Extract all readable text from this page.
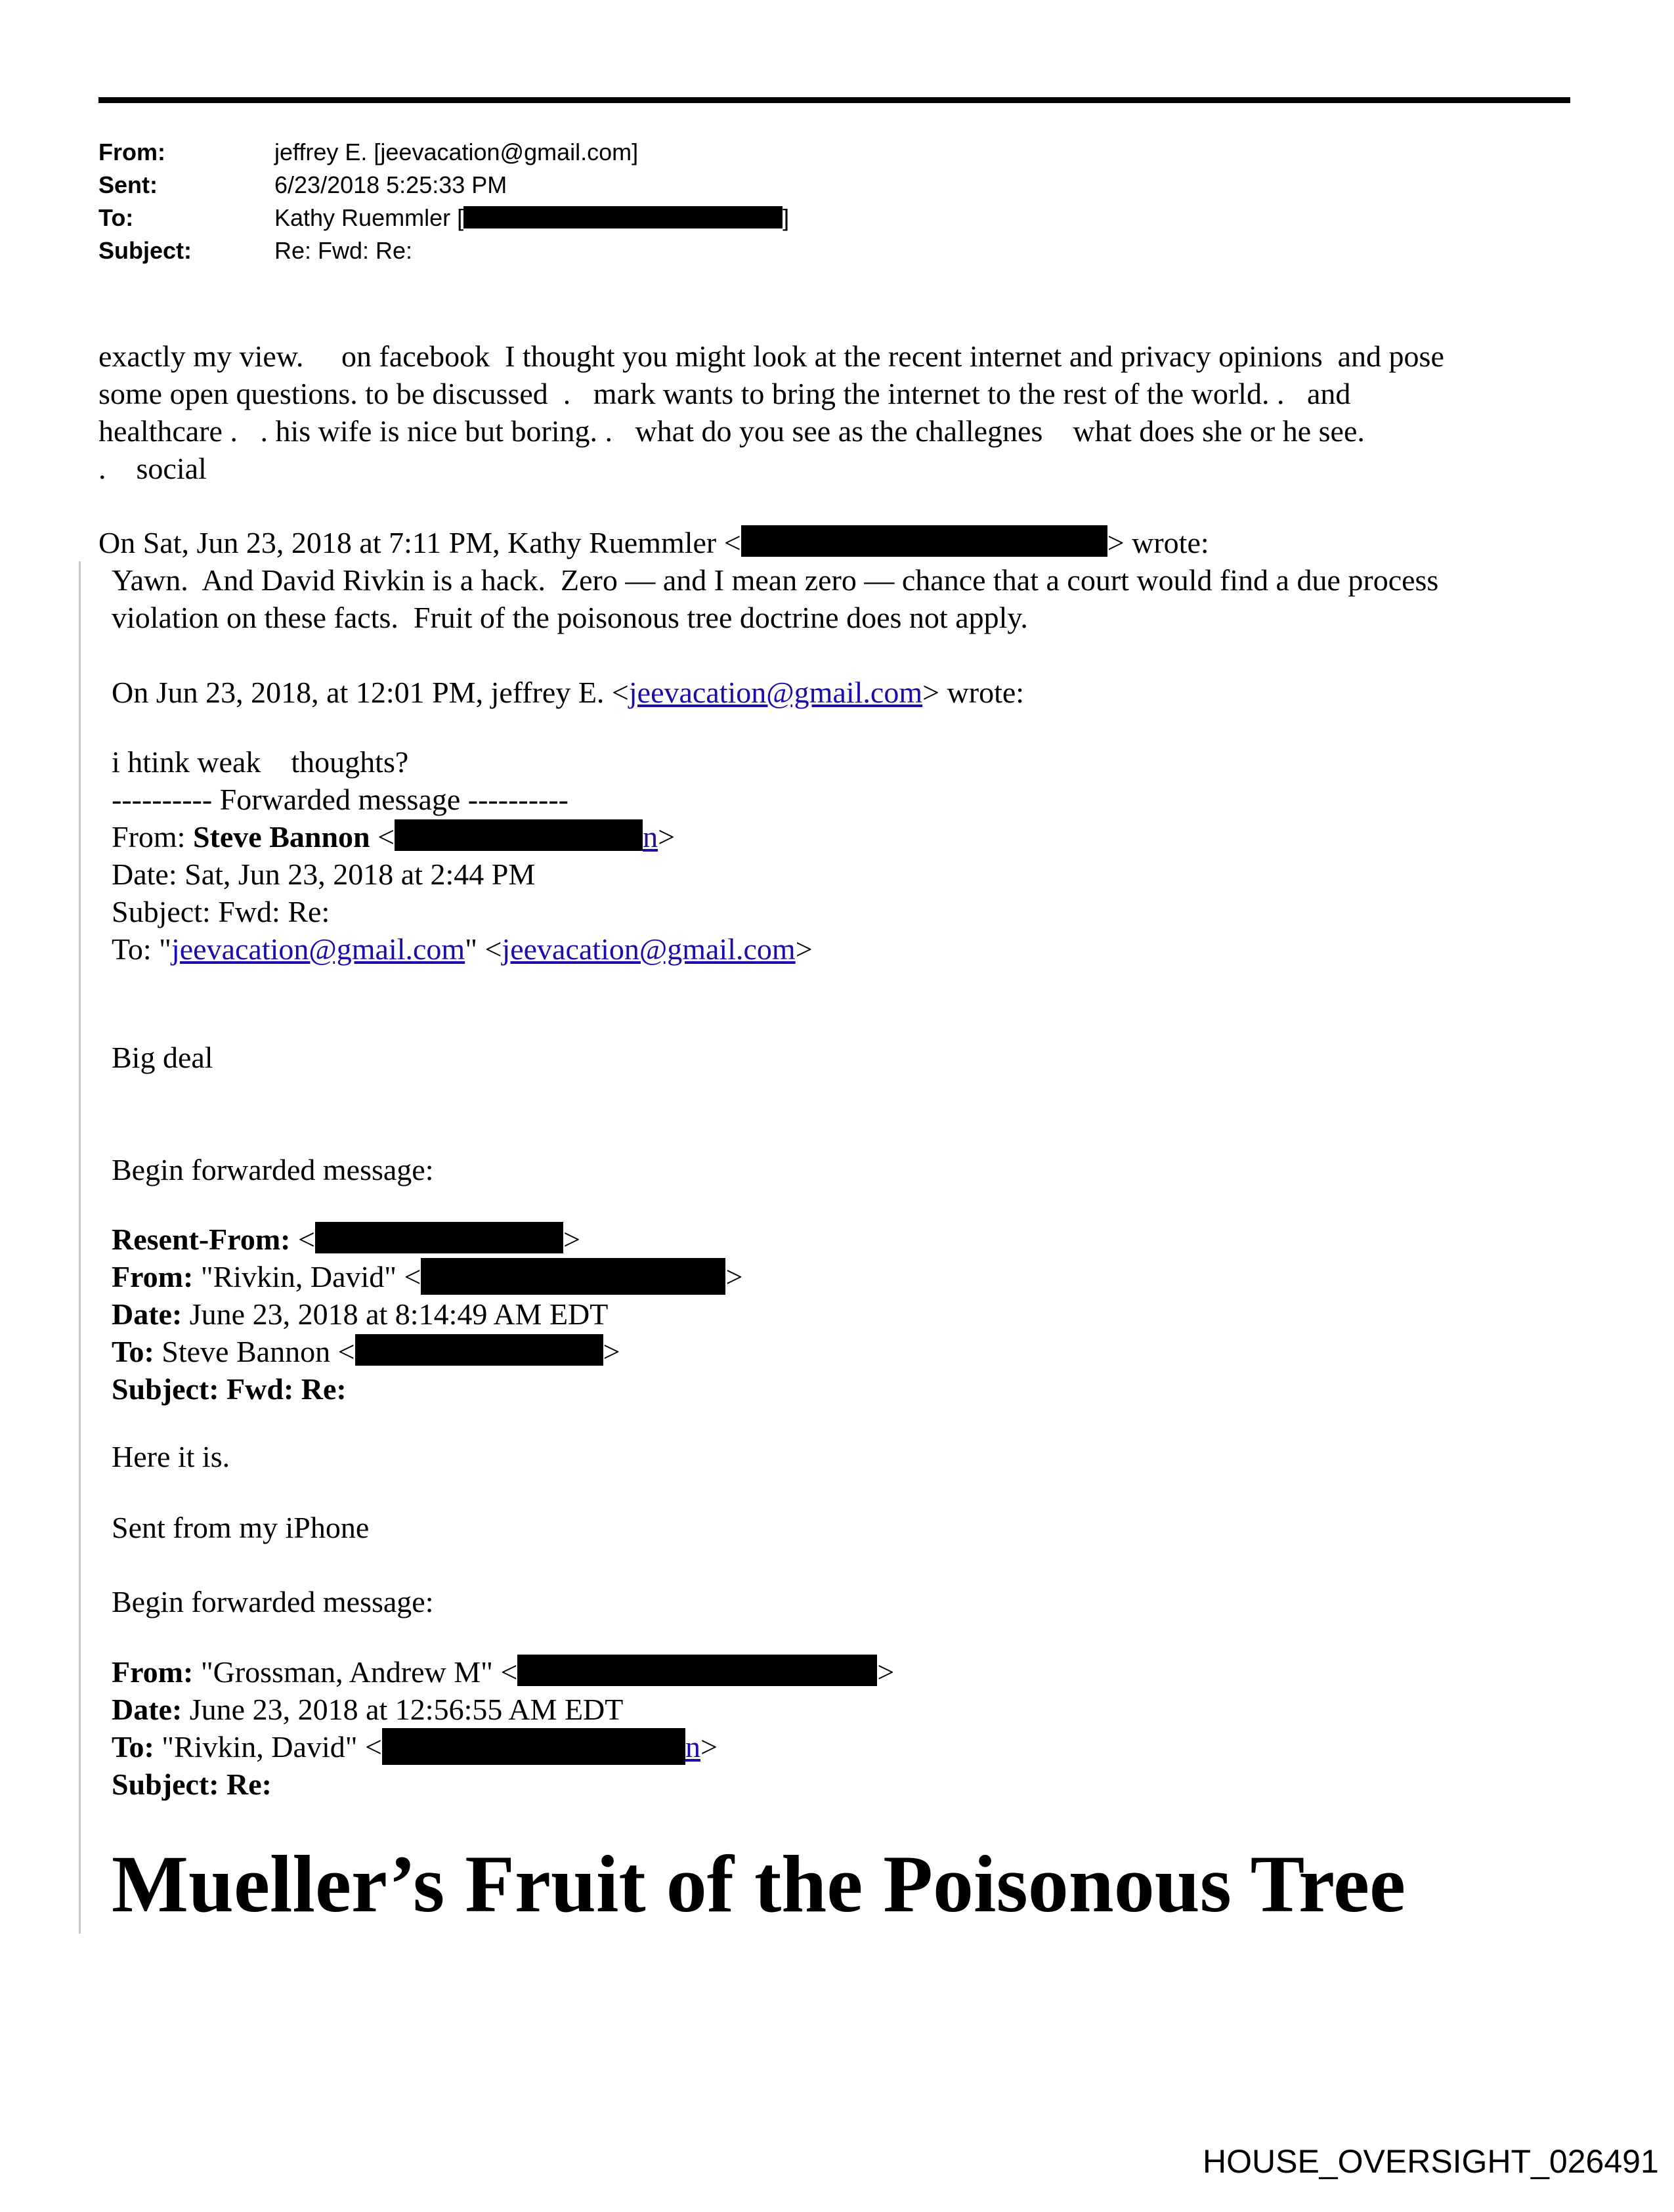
From:	jeffrey E. [jeevacation@gmail.com]
Sent:	6/23/2018 5:25:33 PM
To:	Kathy Ruemmler [	]
Subject:	Re: Fwd: Re:

exactly my view.     on facebook  I thought you might look at the recent internet and privacy opinions  and pose

some open questions. to be discussed  .   mark wants to bring the internet to the rest of the world. .   and

healthcare .   . his wife is nice but boring. .   what do you see as the challegnes    what does she or he see.

.    social

On Sat, Jun 23, 2018 at 7:11 PM, Kathy Ruemmler <	> wrote:

Yawn.  And David Rivkin is a hack.  Zero — and I mean zero — chance that a court would find a due process

violation on these facts.  Fruit of the poisonous tree doctrine does not apply.

On Jun 23, 2018, at 12:01 PM, jeffrey E. <jeevacation@gmail.com> wrote:

i htink weak    thoughts?

---------- Forwarded message ----------

From: Steve Bannon <	n>

Date: Sat, Jun 23, 2018 at 2:44 PM

Subject: Fwd: Re:

To: "jeevacation@gmail.com" <jeevacation@gmail.com>

Big deal

Begin forwarded message:

Resent-From: <	>

From: "Rivkin, David" <	>

Date: June 23, 2018 at 8:14:49 AM EDT

To: Steve Bannon <	>

Subject: Fwd: Re:

Here it is.

Sent from my iPhone

Begin forwarded message:

From: "Grossman, Andrew M" <	>

Date: June 23, 2018 at 12:56:55 AM EDT

To: "Rivkin, David" <	n>

Subject: Re:

Mueller’s Fruit of the Poisonous Tree
HOUSE_OVERSIGHT_026491
